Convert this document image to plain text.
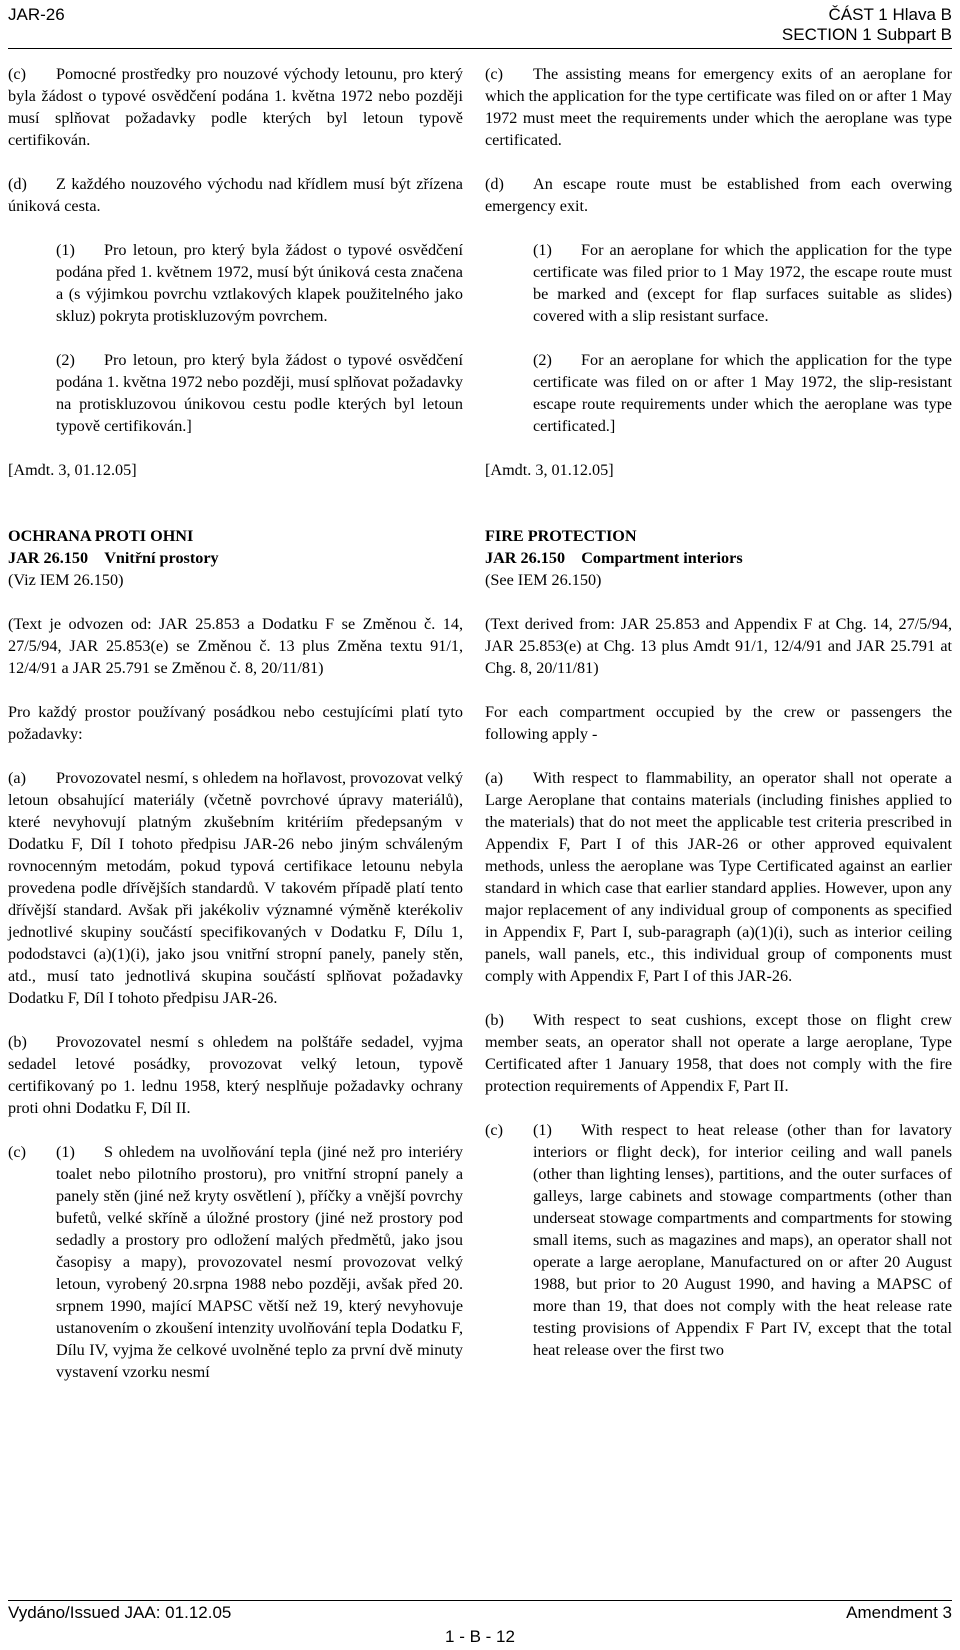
JAR-26	ČÁST 1 Hlava B
SECTION 1 Subpart B

(c) Pomocné prostředky pro nouzové východy letounu, pro který byla žádost o typové osvědčení podána 1. května 1972 nebo později musí splňovat požadavky podle kterých byl letoun typově certifikován.

(d) Z každého nouzového východu nad křídlem musí být zřízena úniková cesta.

(1) Pro letoun, pro který byla žádost o typové osvědčení podána před 1. květnem 1972, musí být úniková cesta značena a (s výjimkou povrchu vztlakových klapek použitelného jako skluz) pokryta protiskluzovým povrchem.

(2) Pro letoun, pro který byla žádost o typové osvědčení podána 1. května 1972 nebo později, musí splňovat požadavky na protiskluzovou únikovou cestu podle kterých byl letoun typově certifikován.]

[Amdt. 3, 01.12.05]

OCHRANA PROTI OHNI

JAR 26.150 Vnitřní prostory

(Viz IEM 26.150)

(Text je odvozen od: JAR 25.853 a Dodatku F se Změnou č. 14, 27/5/94, JAR 25.853(e) se Změnou č. 13 plus Změna textu 91/1, 12/4/91 a JAR 25.791 se Změnou č. 8, 20/11/81)

Pro každý prostor používaný posádkou nebo cestujícími platí tyto požadavky:

(a) Provozovatel nesmí, s ohledem na hořlavost, provozovat velký letoun obsahující materiály (včetně povrchové úpravy materiálů), které nevyhovují platným zkušebním kritériím předepsaným v Dodatku F, Díl I tohoto předpisu JAR-26 nebo jiným schváleným rovnocenným metodám, pokud typová certifikace letounu nebyla provedena podle dřívějších standardů. V takovém případě platí tento dřívější standard. Avšak při jakékoliv významné výměně kterékoliv jednotlivé skupiny součástí specifikovaných v Dodatku F, Dílu 1, pododstavci (a)(1)(i), jako jsou vnitřní stropní panely, panely stěn, atd., musí tato jednotlivá skupina součástí splňovat požadavky Dodatku F, Díl I tohoto předpisu JAR-26.

(b) Provozovatel nesmí s ohledem na polštáře sedadel, vyjma sedadel letové posádky, provozovat velký letoun, typově certifikovaný po 1. lednu 1958, který nesplňuje požadavky ochrany proti ohni Dodatku F, Díl II.

(c)	(1) S ohledem na uvolňování tepla (jiné než pro interiéry toalet nebo pilotního prostoru), pro vnitřní stropní panely a panely stěn (jiné než kryty osvětlení ), příčky a vnější povrchy bufetů, velké skříně a úložné prostory (jiné než prostory pod sedadly a prostory pro odložení malých předmětů, jako jsou časopisy a mapy), provozovatel nesmí provozovat velký letoun, vyrobený 20.srpna 1988 nebo později, avšak před 20. srpnem 1990, mající MAPSC větší než 19, který nevyhovuje ustanovením o zkoušení intenzity uvolňování tepla Dodatku F, Dílu IV, vyjma že celkové uvolněné teplo za první dvě minuty vystavení vzorku nesmí

(c) The assisting means for emergency exits of an aeroplane for which the application for the type certificate was filed on or after 1 May 1972 must meet the requirements under which the aeroplane was type certificated.

(d) An escape route must be established from each overwing emergency exit.

(1) For an aeroplane for which the application for the type certificate was filed prior to 1 May 1972, the escape route must be marked and (except for flap surfaces suitable as slides) covered with a slip resistant surface.

(2) For an aeroplane for which the application for the type certificate was filed on or after 1 May 1972, the slip-resistant escape route requirements under which the aeroplane was type certificated.]

[Amdt. 3, 01.12.05]

FIRE PROTECTION

JAR 26.150 Compartment interiors

(See IEM 26.150)

(Text derived from: JAR 25.853 and Appendix F at Chg. 14, 27/5/94, JAR 25.853(e) at Chg. 13 plus Amdt 91/1, 12/4/91 and JAR 25.791 at Chg. 8, 20/11/81)

For each compartment occupied by the crew or passengers the following apply -

(a) With respect to flammability, an operator shall not operate a Large Aeroplane that contains materials (including finishes applied to the materials) that do not meet the applicable test criteria prescribed in Appendix F, Part I of this JAR-26 or other approved equivalent methods, unless the aeroplane was Type Certificated against an earlier standard in which case that earlier standard applies. However, upon any major replacement of any individual group of components as specified in Appendix F, Part I, sub-paragraph (a)(1)(i), such as interior ceiling panels, wall panels, etc., this individual group of components must comply with Appendix F, Part I of this JAR-26.

(b) With respect to seat cushions, except those on flight crew member seats, an operator shall not operate a large aeroplane, Type Certificated after 1 January 1958, that does not comply with the fire protection requirements of Appendix F, Part II.

(c)	(1) With respect to heat release (other than for lavatory interiors or flight deck), for interior ceiling and wall panels (other than lighting lenses), partitions, and the outer surfaces of galleys, large cabinets and stowage compartments (other than underseat stowage compartments and compartments for stowing small items, such as magazines and maps), an operator shall not operate a large aeroplane, Manufactured on or after 20 August 1988, but prior to 20 August 1990, and having a MAPSC of more than 19, that does not comply with the heat release rate testing provisions of Appendix F Part IV, except that the total heat release over the first two
Vydáno/Issued JAA: 01.12.05	Amendment 3
1 - B - 12
